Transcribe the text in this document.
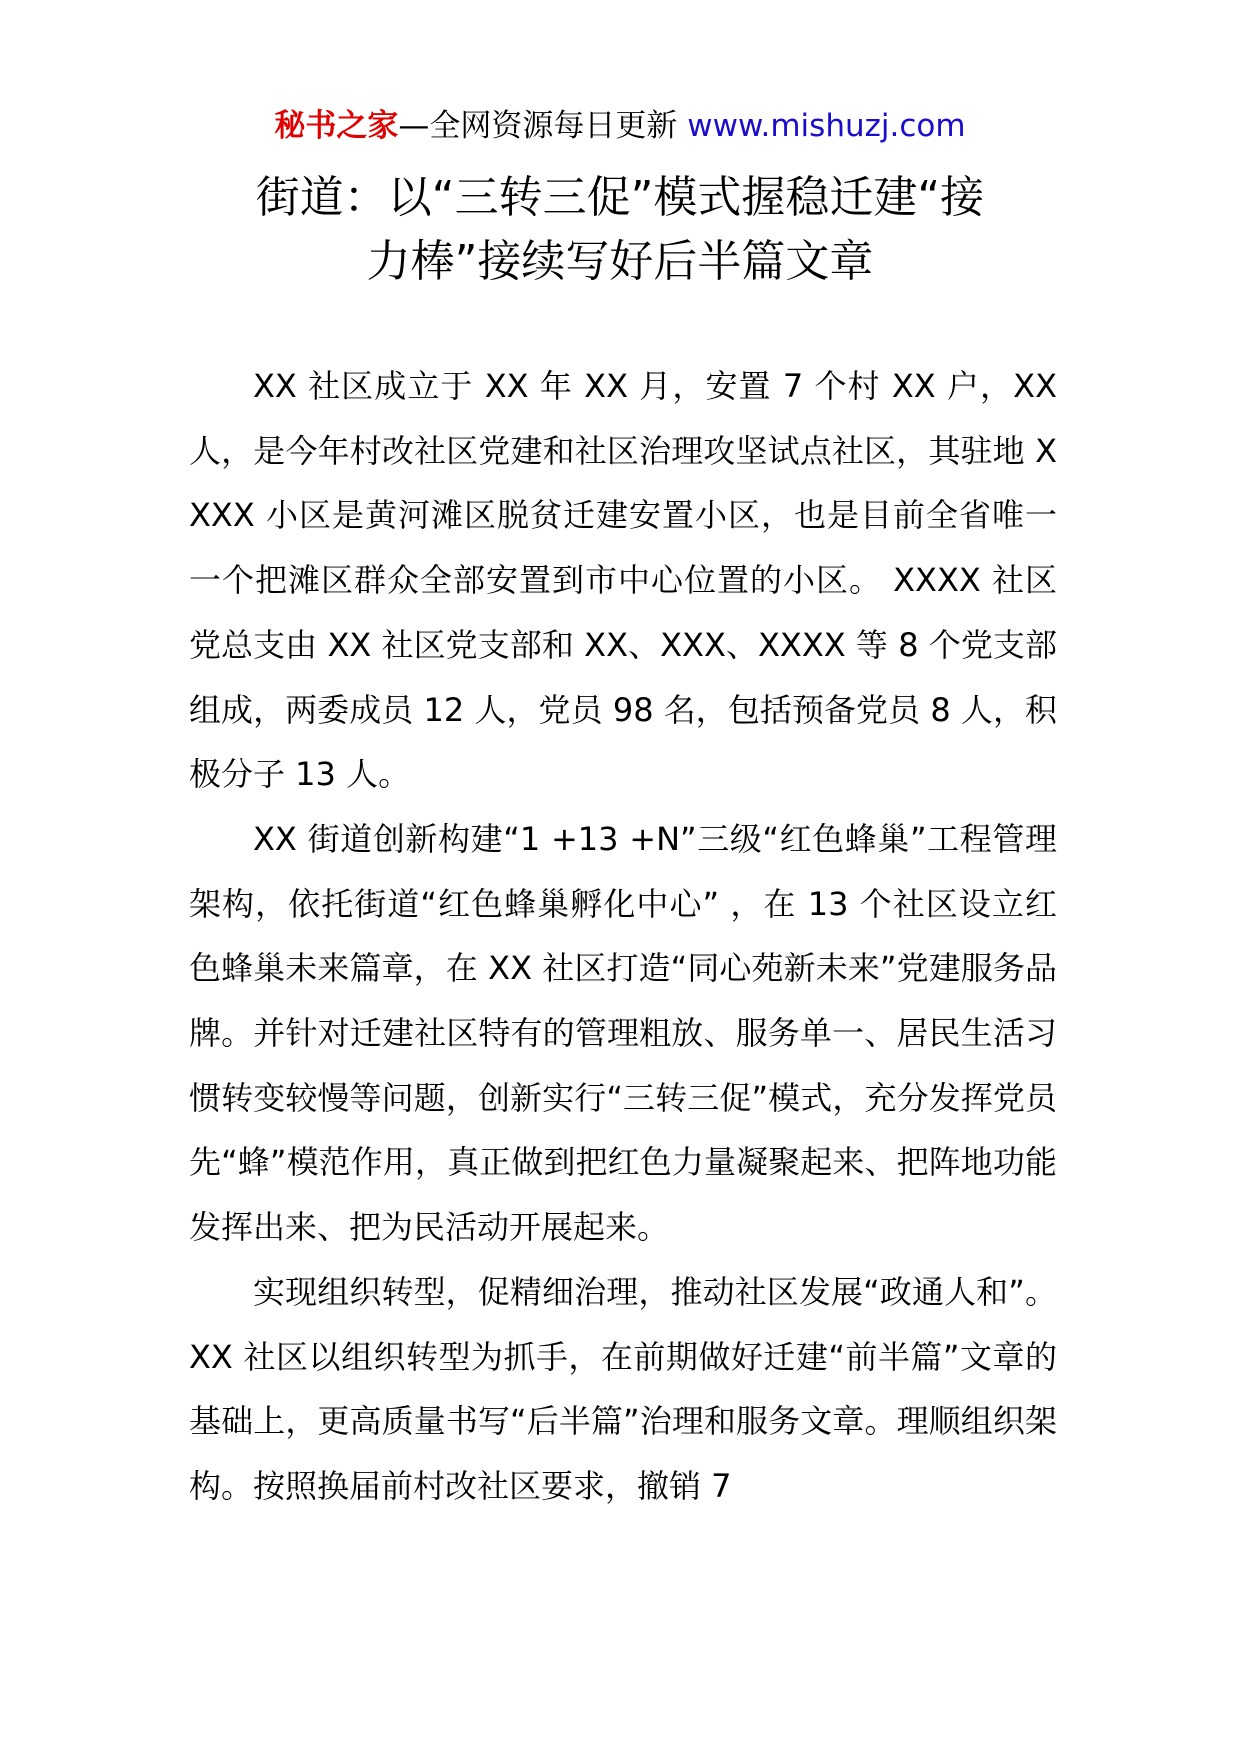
秘书之家—全网资源每日更新 www.mishuzj.com
街道：以“三转三促”模式握稳迁建“接
力棒”接续写好后半篇文章

XX 社区成立于 XX 年 XX 月，安置 7 个村 XX 户，XX 人，是今年村改社区党建和社区治理攻坚试点社区，其驻地 XXXX 小区是黄河滩区脱贫迁建安置小区，也是目前全省唯一一个把滩区群众全部安置到市中心位置的小区。 XXXX 社区党总支由 XX 社区党支部和 XX、XXX、XXXX 等 8 个党支部组成，两委成员 12 人，党员 98 名，包括预备党员 8 人，积极分子 13 人。

XX 街道创新构建“1 +13 +N”三级“红色蜂巢”工程管理架构，依托街道“红色蜂巢孵化中心” ，在 13 个社区设立红色蜂巢未来篇章，在 XX 社区打造“同心苑新未来”党建服务品牌。并针对迁建社区特有的管理粗放、服务单一、居民生活习惯转变较慢等问题，创新实行“三转三促”模式，充分发挥党员先“蜂”模范作用，真正做到把红色力量凝聚起来、把阵地功能发挥出来、把为民活动开展起来。

实现组织转型，促精细治理，推动社区发展“政通人和”。XX 社区以组织转型为抓手，在前期做好迁建“前半篇”文章的基础上，更高质量书写“后半篇”治理和服务文章。理顺组织架构。按照换届前村改社区要求，撤销 7
